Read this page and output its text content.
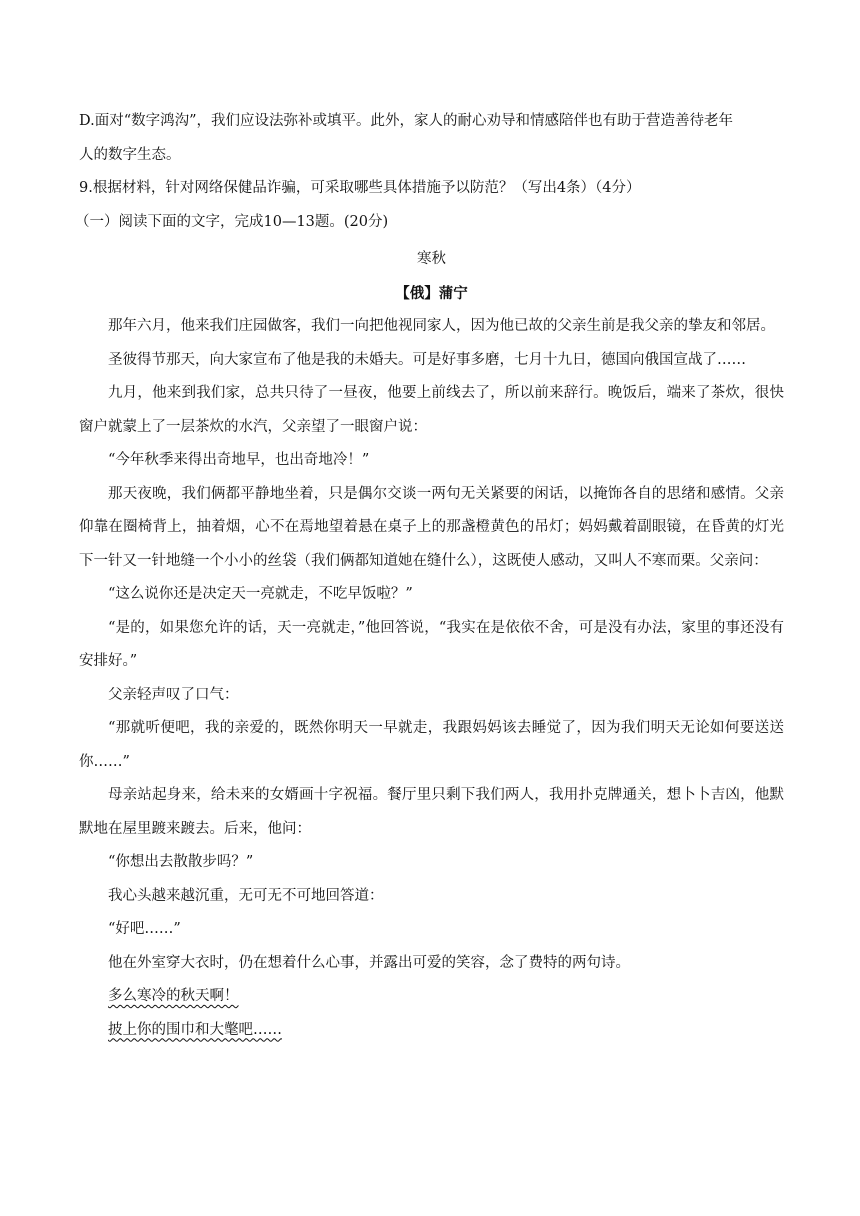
D.面对“数字鸿沟”，我们应设法弥补或填平。此外，家人的耐心劝导和情感陪伴也有助于营造善待老年

人的数字生态。

9.根据材料，针对网络保健品诈骗，可采取哪些具体措施予以防范？（写出4条）（4分）

（一）阅读下面的文字，完成10—13题。(20分)

寒秋

【俄】蒲宁

那年六月，他来我们庄园做客，我们一向把他视同家人，因为他已故的父亲生前是我父亲的挚友和邻居。

圣彼得节那天，向大家宣布了他是我的未婚夫。可是好事多磨，七月十九日，德国向俄国宣战了……

九月，他来到我们家，总共只待了一昼夜，他要上前线去了，所以前来辞行。晚饭后，端来了茶炊，很快窗户就蒙上了一层茶炊的水汽，父亲望了一眼窗户说：

“今年秋季来得出奇地早，也出奇地冷！”

那天夜晚，我们俩都平静地坐着，只是偶尔交谈一两句无关紧要的闲话，以掩饰各自的思绪和感情。父亲仰靠在圈椅背上，抽着烟，心不在焉地望着悬在桌子上的那盏橙黄色的吊灯；妈妈戴着副眼镜，在昏黄的灯光下一针又一针地缝一个小小的丝袋（我们俩都知道她在缝什么），这既使人感动，又叫人不寒而栗。父亲问：

“这么说你还是决定天一亮就走，不吃早饭啦？”

“是的，如果您允许的话，天一亮就走，”他回答说，“我实在是依依不舍，可是没有办法，家里的事还没有安排好。”

父亲轻声叹了口气：

“那就听便吧，我的亲爱的，既然你明天一早就走，我跟妈妈该去睡觉了，因为我们明天无论如何要送送你……”

母亲站起身来，给未来的女婿画十字祝福。餐厅里只剩下我们两人，我用扑克牌通关，想卜卜吉凶，他默默地在屋里踱来踱去。后来，他问：

“你想出去散散步吗？”

我心头越来越沉重，无可无不可地回答道：

“好吧……”

他在外室穿大衣时，仍在想着什么心事，并露出可爱的笑容，念了费特的两句诗。

多么寒冷的秋天啊！

披上你的围巾和大氅吧……
